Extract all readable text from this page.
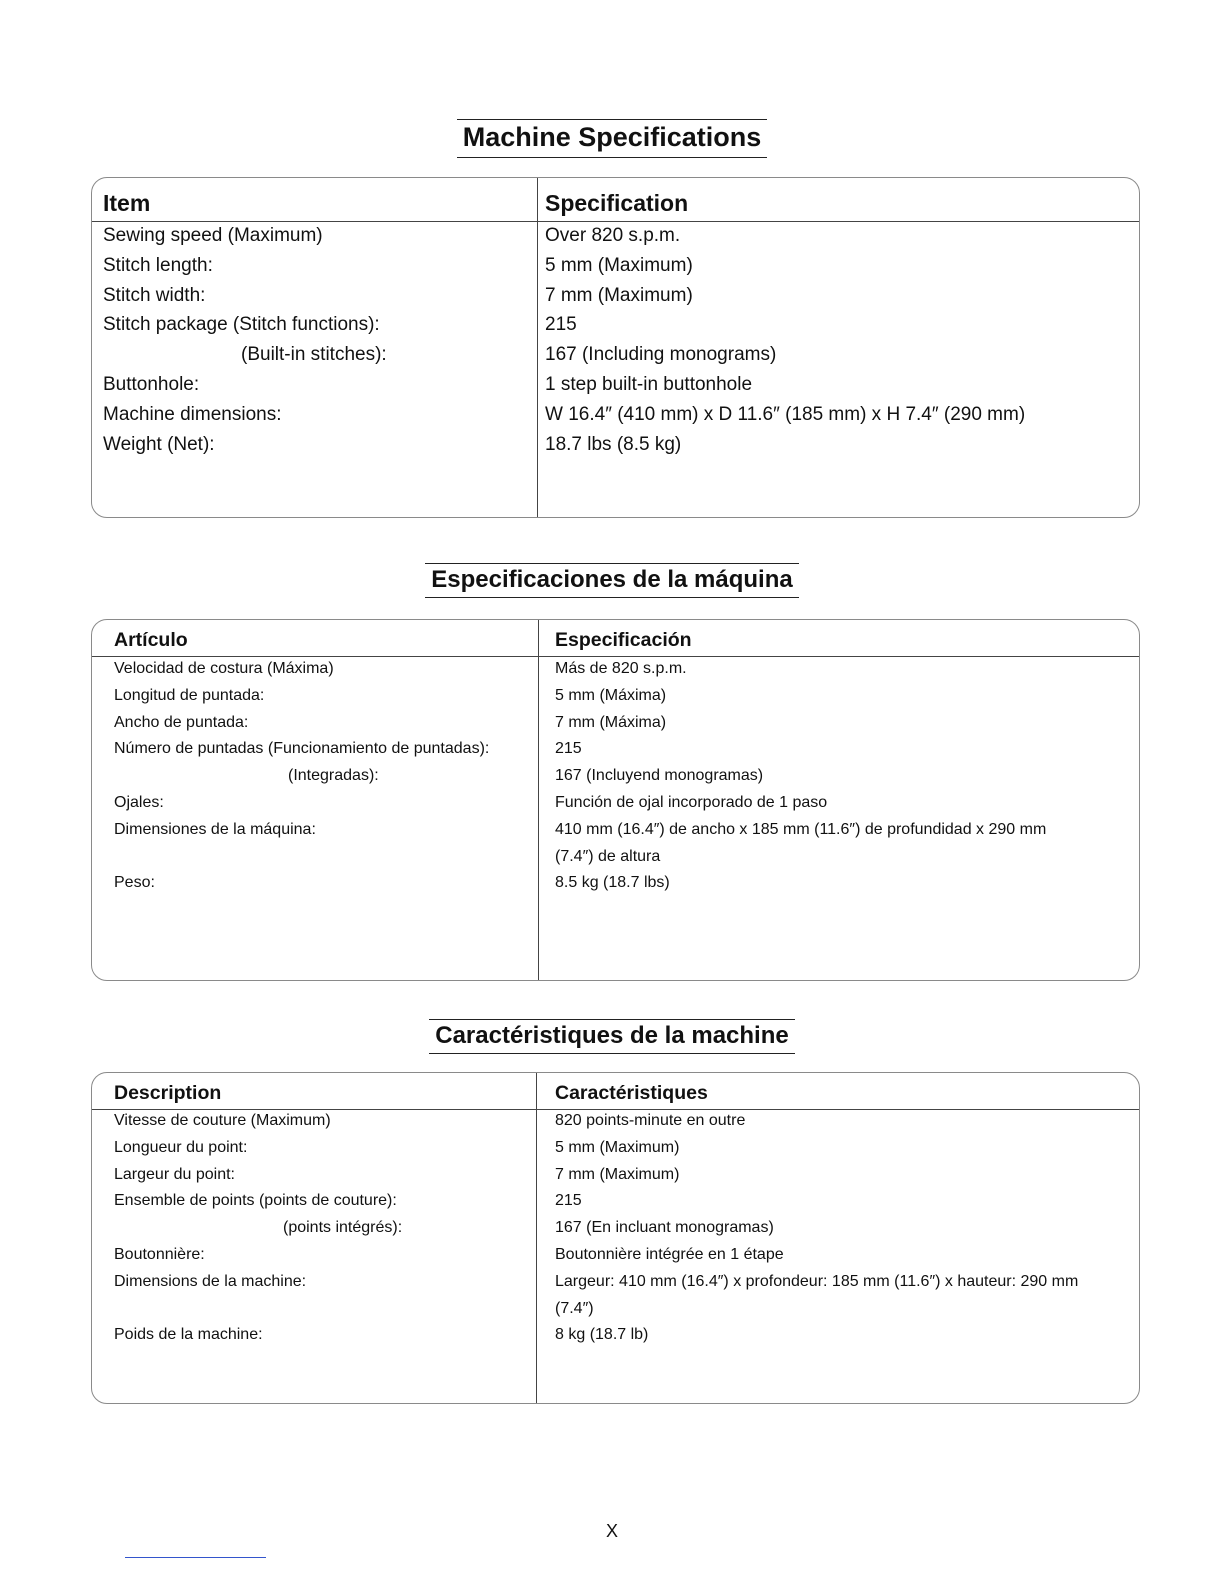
Machine Specifications
Item	Specification
Sewing speed (Maximum)	Over 820 s.p.m.
Stitch length:	5 mm (Maximum)
Stitch width:	7 mm (Maximum)
Stitch package (Stitch functions):	215
(Built-in stitches):	167 (Including monograms)
Buttonhole:	1 step built-in buttonhole
Machine dimensions:	W 16.4″ (410 mm) x D 11.6″ (185 mm) x H 7.4″ (290 mm)
Weight (Net):	18.7 lbs (8.5 kg)
Especificaciones de la máquina
Artículo	Especificación
Velocidad de costura (Máxima)	Más de 820 s.p.m.
Longitud de puntada:	5 mm (Máxima)
Ancho de puntada:	7 mm (Máxima)
Número de puntadas (Funcionamiento de puntadas):	215
(Integradas):	167 (Incluyend monogramas)
Ojales:	Función de ojal incorporado de 1 paso
Dimensiones de la máquina:	410 mm (16.4″) de ancho x 185 mm (11.6″) de profundidad x 290 mm
(7.4″) de altura
Peso:	8.5 kg (18.7 lbs)
Caractéristiques de la machine
Description	Caractéristiques
Vitesse de couture (Maximum)	820 points-minute en outre
Longueur du point:	5 mm (Maximum)
Largeur du point:	7 mm (Maximum)
Ensemble de points (points de couture):	215
(points intégrés):	167 (En incluant monogramas)
Boutonnière:	Boutonnière intégrée en 1 étape
Dimensions de la machine:	Largeur: 410 mm (16.4″) x profondeur: 185 mm (11.6″) x hauteur: 290 mm
(7.4″)
Poids de la machine:	8 kg (18.7 lb)
X
